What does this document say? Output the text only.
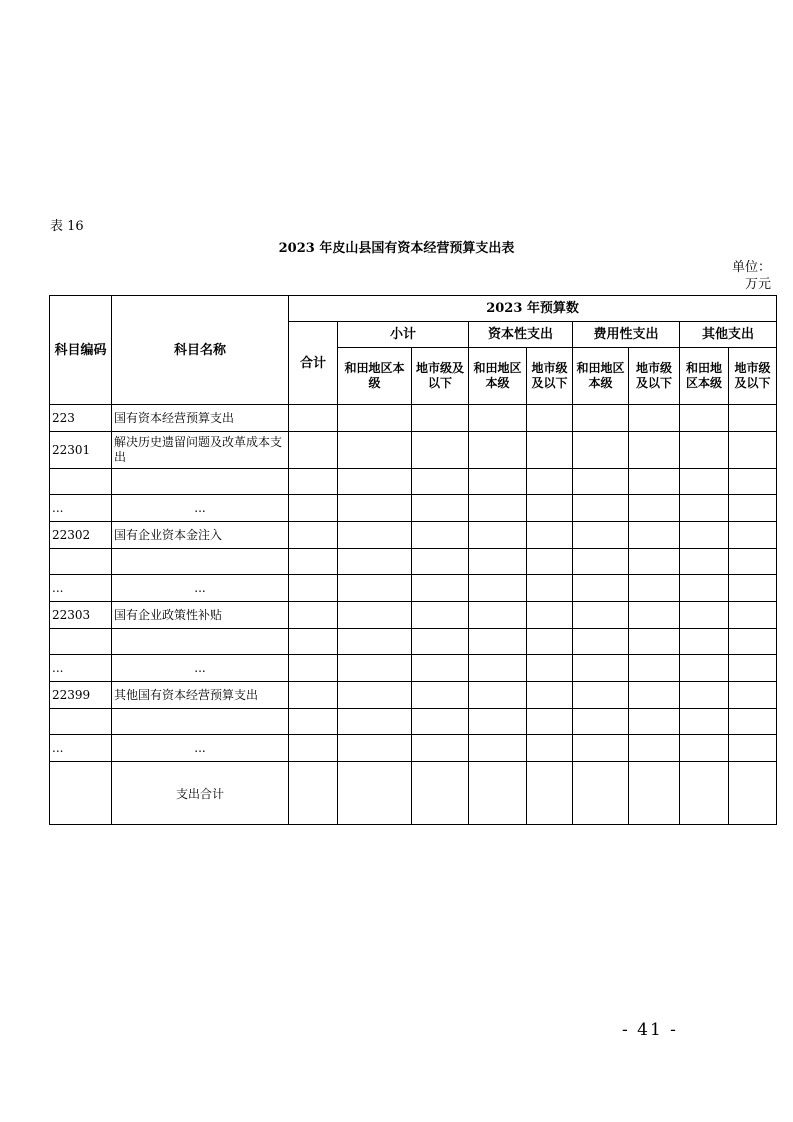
表 16
2023 年皮山县国有资本经营预算支出表
单位：
万元
科目编码	科目名称	2023 年预算数								
		合计	小计		资本性支出		费用性支出		其他支出	
			和田地区本级	地市级及以下	和田地区本级	地市级及以下	和田地区本级	地市级及以下	和田地区本级	地市级及以下
223	国有资本经营预算支出									
22301	解决历史遗留问题及改革成本支出									

...	...									
22302	国有企业资本金注入									

...	...									
22303	国有企业政策性补贴									

...	...									
22399	其他国有资本经营预算支出									

...	...									
	支出合计									
- 41 -
